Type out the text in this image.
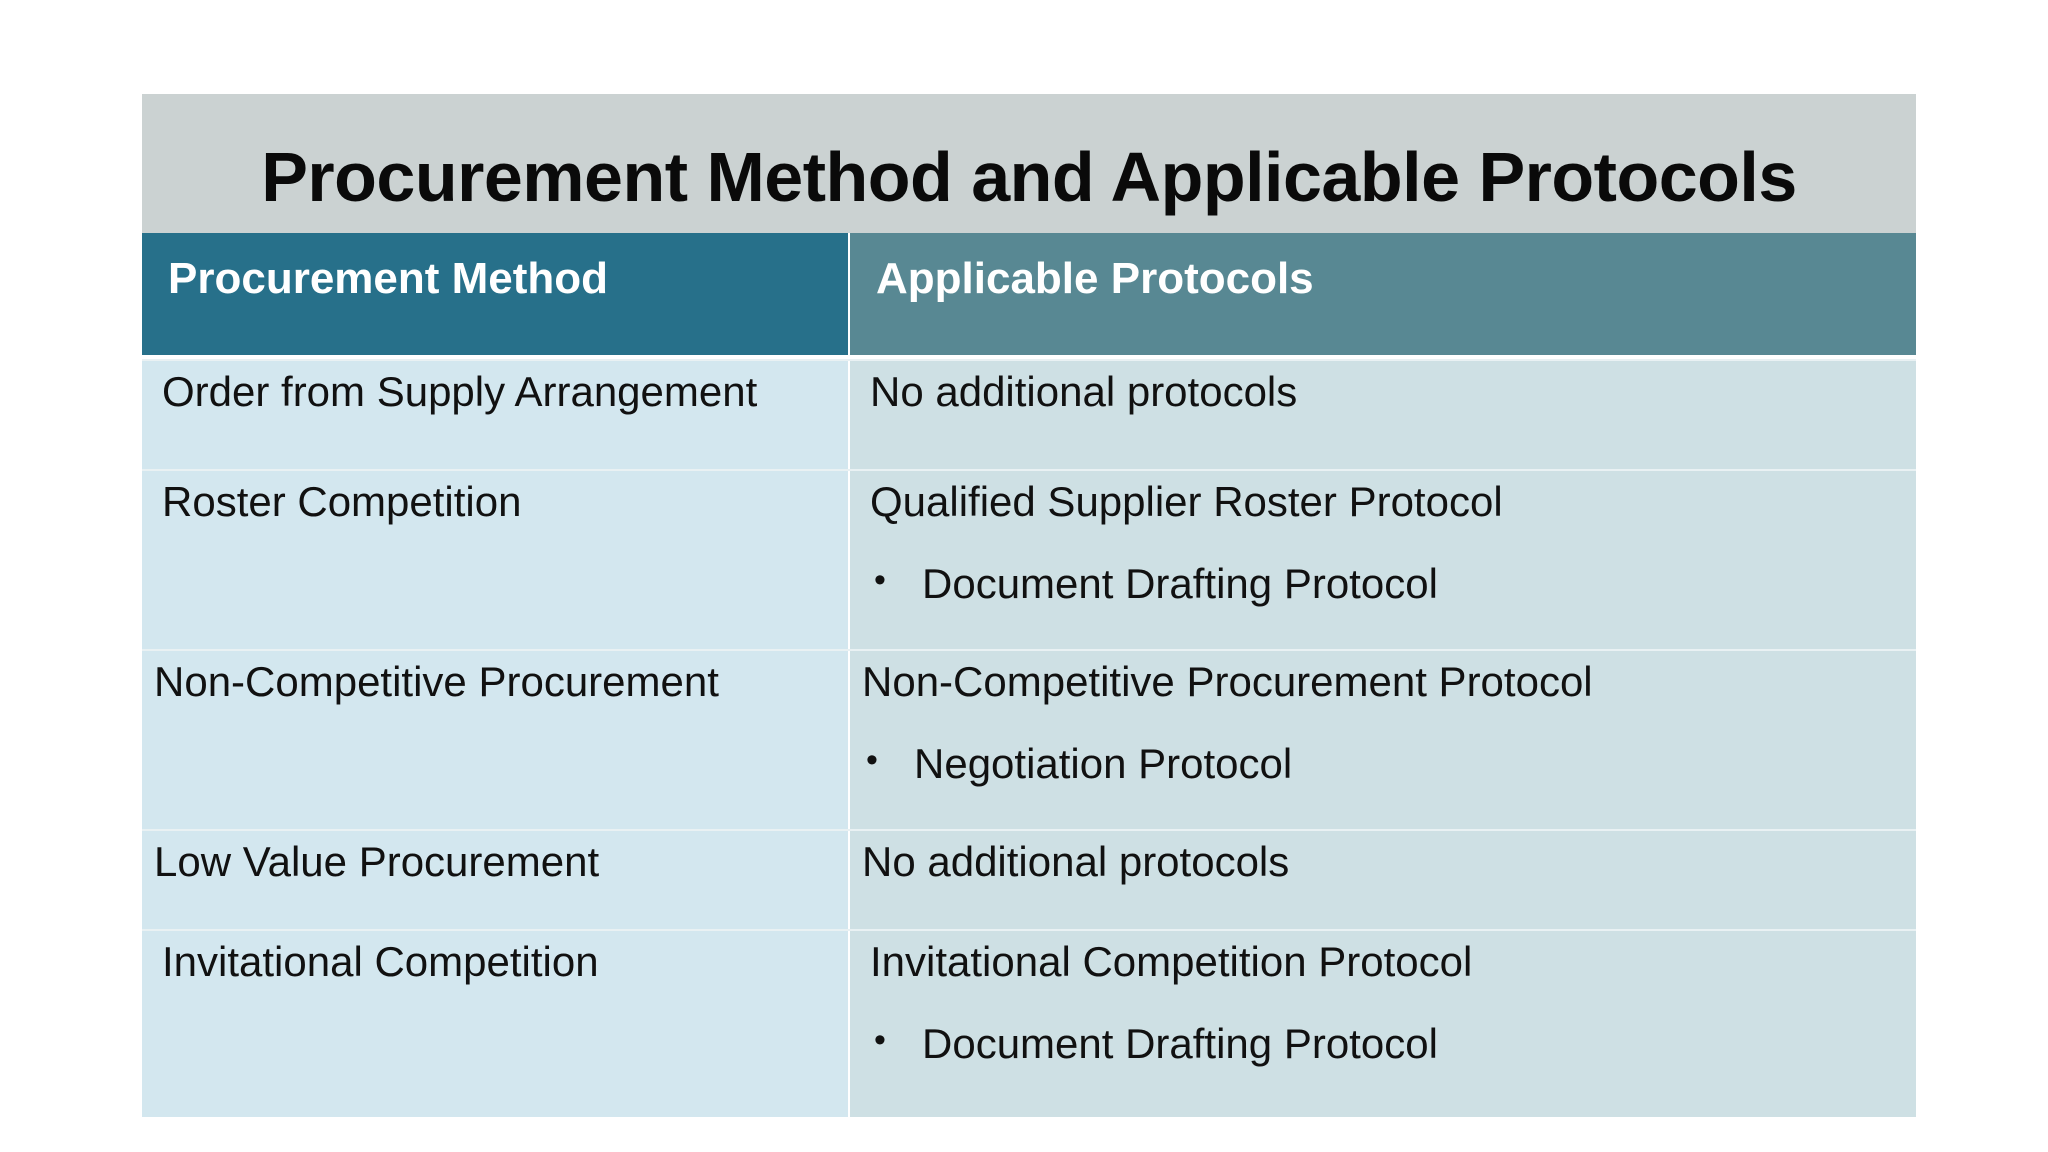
Procurement Method and Applicable Protocols
Procurement Method	Applicable Protocols
Order from Supply Arrangement	No additional protocols
Roster Competition	Qualified Supplier Roster Protocol
• Document Drafting Protocol
Non-Competitive Procurement	Non-Competitive Procurement Protocol
• Negotiation Protocol
Low Value Procurement	No additional protocols
Invitational Competition	Invitational Competition Protocol
• Document Drafting Protocol
